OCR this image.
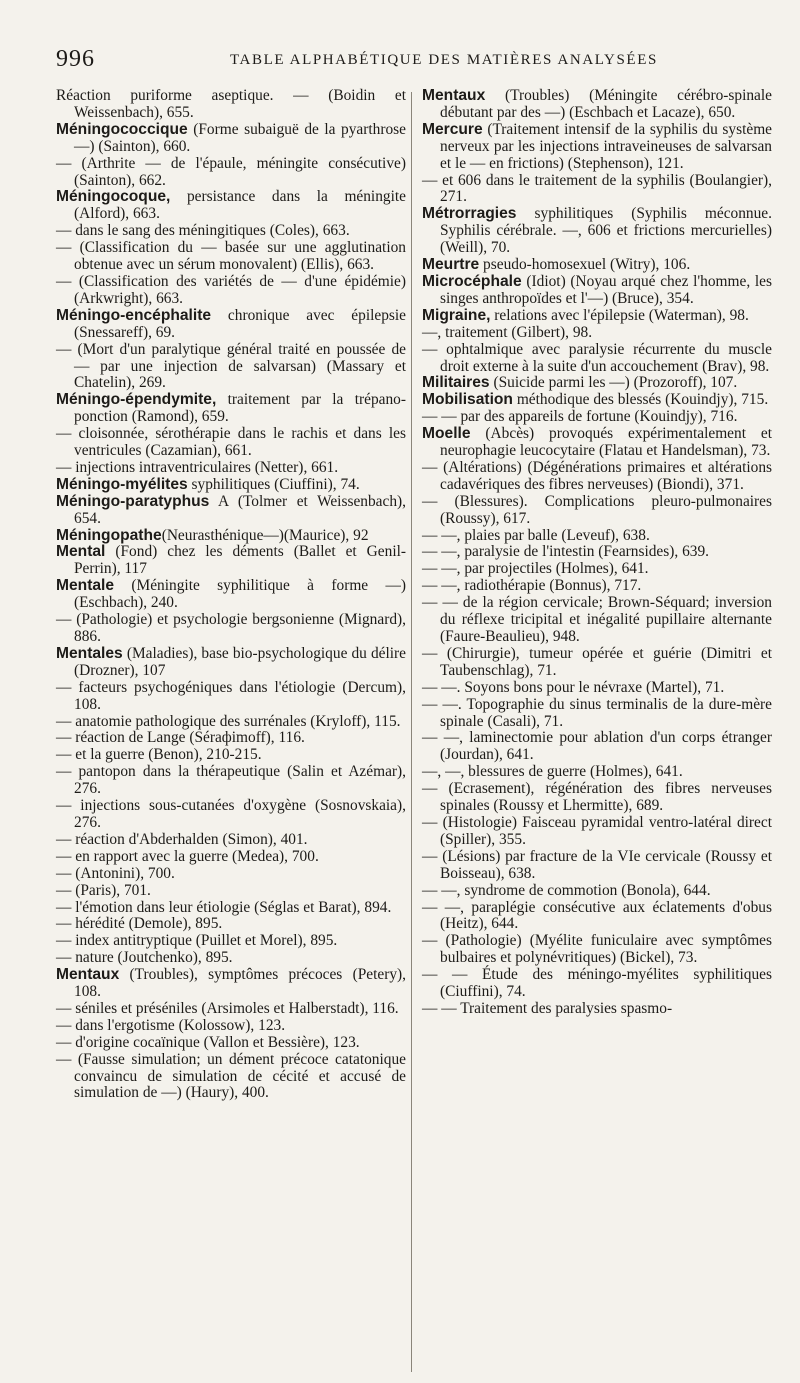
996	TABLE ALPHABÉTIQUE DES MATIÈRES ANALYSÉES

Réaction puriforme aseptique. — (Boidin et Weissenbach), 655.

Méningococcique (Forme subaiguë de la pyarthrose —) (Sainton), 660.

— (Arthrite — de l'épaule, méningite consécutive) (Sainton), 662.

Méningocoque, persistance dans la méningite (Alford), 663.

— dans le sang des méningitiques (Coles), 663.

— (Classification du — basée sur une agglutination obtenue avec un sérum monovalent) (Ellis), 663.

— (Classification des variétés de — d'une épidémie) (Arkwright), 663.

Méningo-encéphalite chronique avec épilepsie (Snessareff), 69.

— (Mort d'un paralytique général traité en poussée de — par une injection de salvarsan) (Massary et Chatelin), 269.

Méningo-épendymite, traitement par la trépano-ponction (Ramond), 659.

— cloisonnée, sérothérapie dans le rachis et dans les ventricules (Cazamian), 661.

— injections intraventriculaires (Netter), 661.

Méningo-myélites syphilitiques (Ciuffini), 74.

Méningo-paratyphus A (Tolmer et Weissenbach), 654.

Méningopathe(Neurasthénique—)(Maurice), 92

Mental (Fond) chez les déments (Ballet et Genil-Perrin), 117

Mentale (Méningite syphilitique à forme —) (Eschbach), 240.

— (Pathologie) et psychologie bergsonienne (Mignard), 886.

Mentales (Maladies), base bio-psychologique du délire (Drozner), 107

— facteurs psychogéniques dans l'étiologie (Dercum), 108.

— anatomie pathologique des surrénales (Kryloff), 115.

— réaction de Lange (Séraфimoff), 116.

— et la guerre (Benon), 210-215.

— pantopon dans la thérapeutique (Salin et Azémar), 276.

— injections sous-cutanées d'oxygène (Sosnovskaia), 276.

— réaction d'Abderhalden (Simon), 401.

— en rapport avec la guerre (Medea), 700.

— (Antonini), 700.

— (Paris), 701.

— l'émotion dans leur étiologie (Séglas et Barat), 894.

— hérédité (Demole), 895.

— index antitryptique (Puillet et Morel), 895.

— nature (Joutchenko), 895.

Mentaux (Troubles), symptômes précoces (Petery), 108.

— séniles et préséniles (Arsimoles et Halberstadt), 116.

— dans l'ergotisme (Kolossow), 123.

— d'origine cocaïnique (Vallon et Bessière), 123.

— (Fausse simulation; un dément précoce catatonique convaincu de simulation de cécité et accusé de simulation de —) (Haury), 400.

Mentaux (Troubles) (Méningite cérébro-spinale débutant par des —) (Eschbach et Lacaze), 650.

Mercure (Traitement intensif de la syphilis du système nerveux par les injections intraveineuses de salvarsan et le — en frictions) (Stephenson), 121.

— et 606 dans le traitement de la syphilis (Boulangier), 271.

Métrorragies syphilitiques (Syphilis méconnue. Syphilis cérébrale. —, 606 et frictions mercurielles) (Weill), 70.

Meurtre pseudo-homosexuel (Witry), 106.

Microcéphale (Idiot) (Noyau arqué chez l'homme, les singes anthropoïdes et l'—) (Bruce), 354.

Migraine, relations avec l'épilepsie (Waterman), 98.

—, traitement (Gilbert), 98.

— ophtalmique avec paralysie récurrente du muscle droit externe à la suite d'un accouchement (Brav), 98.

Militaires (Suicide parmi les —) (Prozoroff), 107.

Mobilisation méthodique des blessés (Kouindjy), 715.

— — par des appareils de fortune (Kouindjy), 716.

Moelle (Abcès) provoqués expérimentalement et neurophagie leucocytaire (Flatau et Handelsman), 73.

— (Altérations) (Dégénérations primaires et altérations cadavériques des fibres nerveuses) (Biondi), 371.

— (Blessures). Complications pleuro-pulmonaires (Roussy), 617.

— —, plaies par balle (Leveuf), 638.

— —, paralysie de l'intestin (Fearnsides), 639.

— —, par projectiles (Holmes), 641.

— —, radiothérapie (Bonnus), 717.

— — de la région cervicale; Brown-Séquard; inversion du réflexe tricipital et inégalité pupillaire alternante (Faure-Beaulieu), 948.

— (Chirurgie), tumeur opérée et guérie (Dimitri et Taubenschlag), 71.

— —. Soyons bons pour le névraxe (Martel), 71.

— —. Topographie du sinus terminalis de la dure-mère spinale (Casali), 71.

— —, laminectomie pour ablation d'un corps étranger (Jourdan), 641.

—, —, blessures de guerre (Holmes), 641.

— (Ecrasement), régénération des fibres nerveuses spinales (Roussy et Lhermitte), 689.

— (Histologie) Faisceau pyramidal ventro-latéral direct (Spiller), 355.

— (Lésions) par fracture de la VIe cervicale (Roussy et Boisseau), 638.

— —, syndrome de commotion (Bonola), 644.

— —, paraplégie consécutive aux éclatements d'obus (Heitz), 644.

— (Pathologie) (Myélite funiculaire avec symptômes bulbaires et polynévritiques) (Bickel), 73.

— — Étude des méningo-myélites syphilitiques (Ciuffini), 74.

— — Traitement des paralysies spasmo-
